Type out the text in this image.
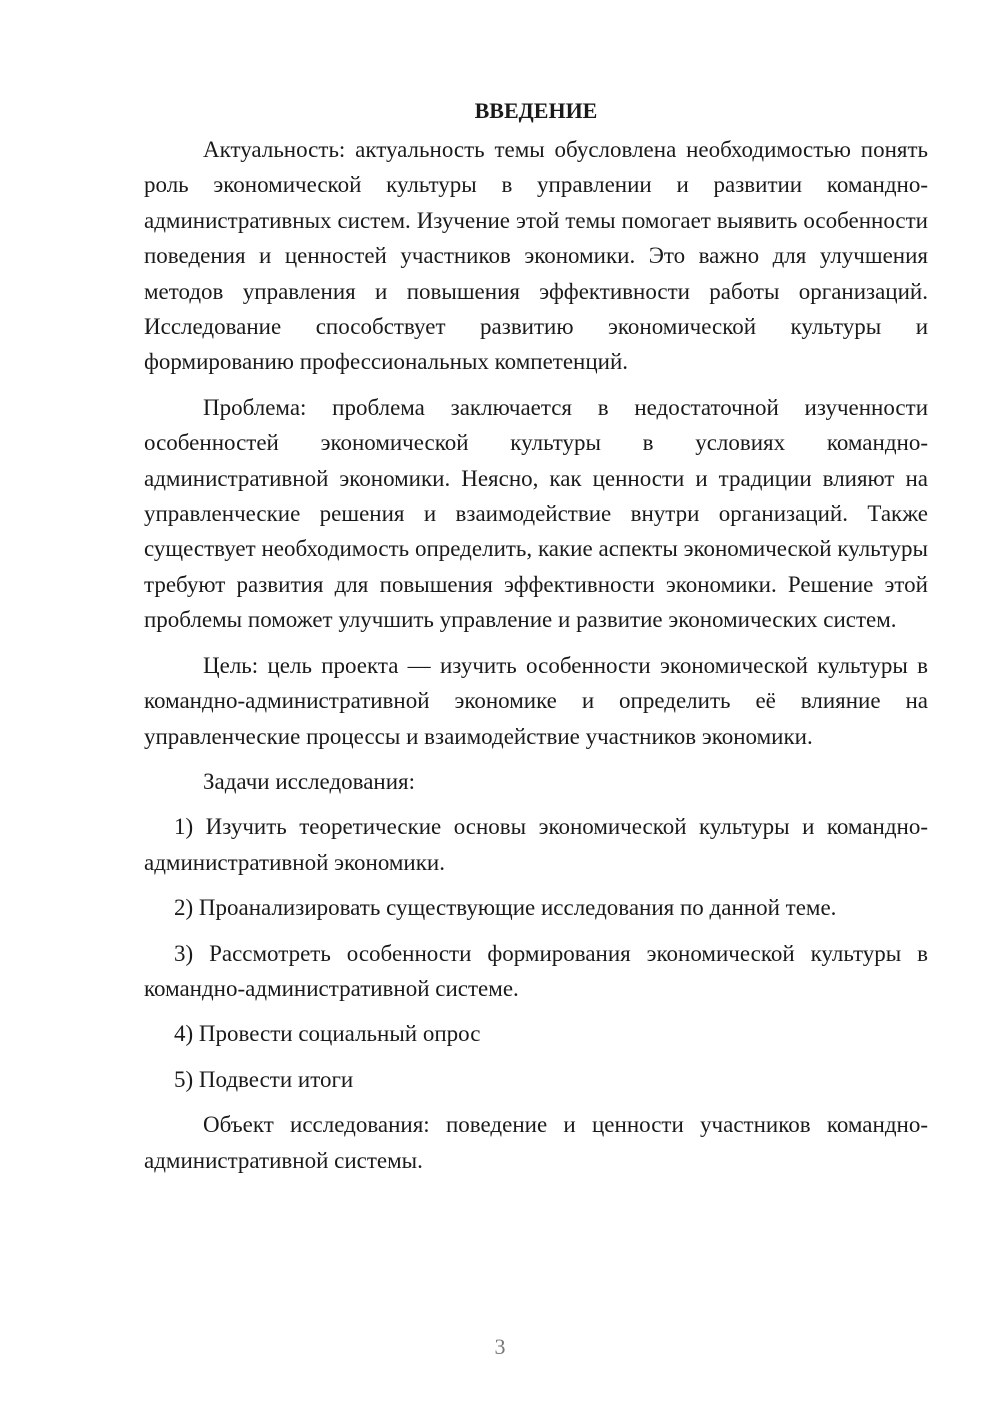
ВВЕДЕНИЕ

Актуальность: актуальность темы обусловлена необходимостью понять роль экономической культуры в управлении и развитии командно-административных систем. Изучение этой темы помогает выявить особенности поведения и ценностей участников экономики. Это важно для улучшения методов управления и повышения эффективности работы организаций. Исследование способствует развитию экономической культуры и формированию профессиональных компетенций.

Проблема: проблема заключается в недостаточной изученности особенностей экономической культуры в условиях командно-административной экономики. Неясно, как ценности и традиции влияют на управленческие решения и взаимодействие внутри организаций. Также существует необходимость определить, какие аспекты экономической культуры требуют развития для повышения эффективности экономики. Решение этой проблемы поможет улучшить управление и развитие экономических систем.

Цель: цель проекта — изучить особенности экономической культуры в командно-административной экономике и определить её влияние на управленческие процессы и взаимодействие участников экономики.

Задачи исследования:

1) Изучить теоретические основы экономической культуры и командно-административной экономики.

2) Проанализировать существующие исследования по данной теме.

3) Рассмотреть особенности формирования экономической культуры в командно-административной системе.

4) Провести социальный опрос

5) Подвести итоги

Объект исследования: поведение и ценности участников командно-административной системы.

3
